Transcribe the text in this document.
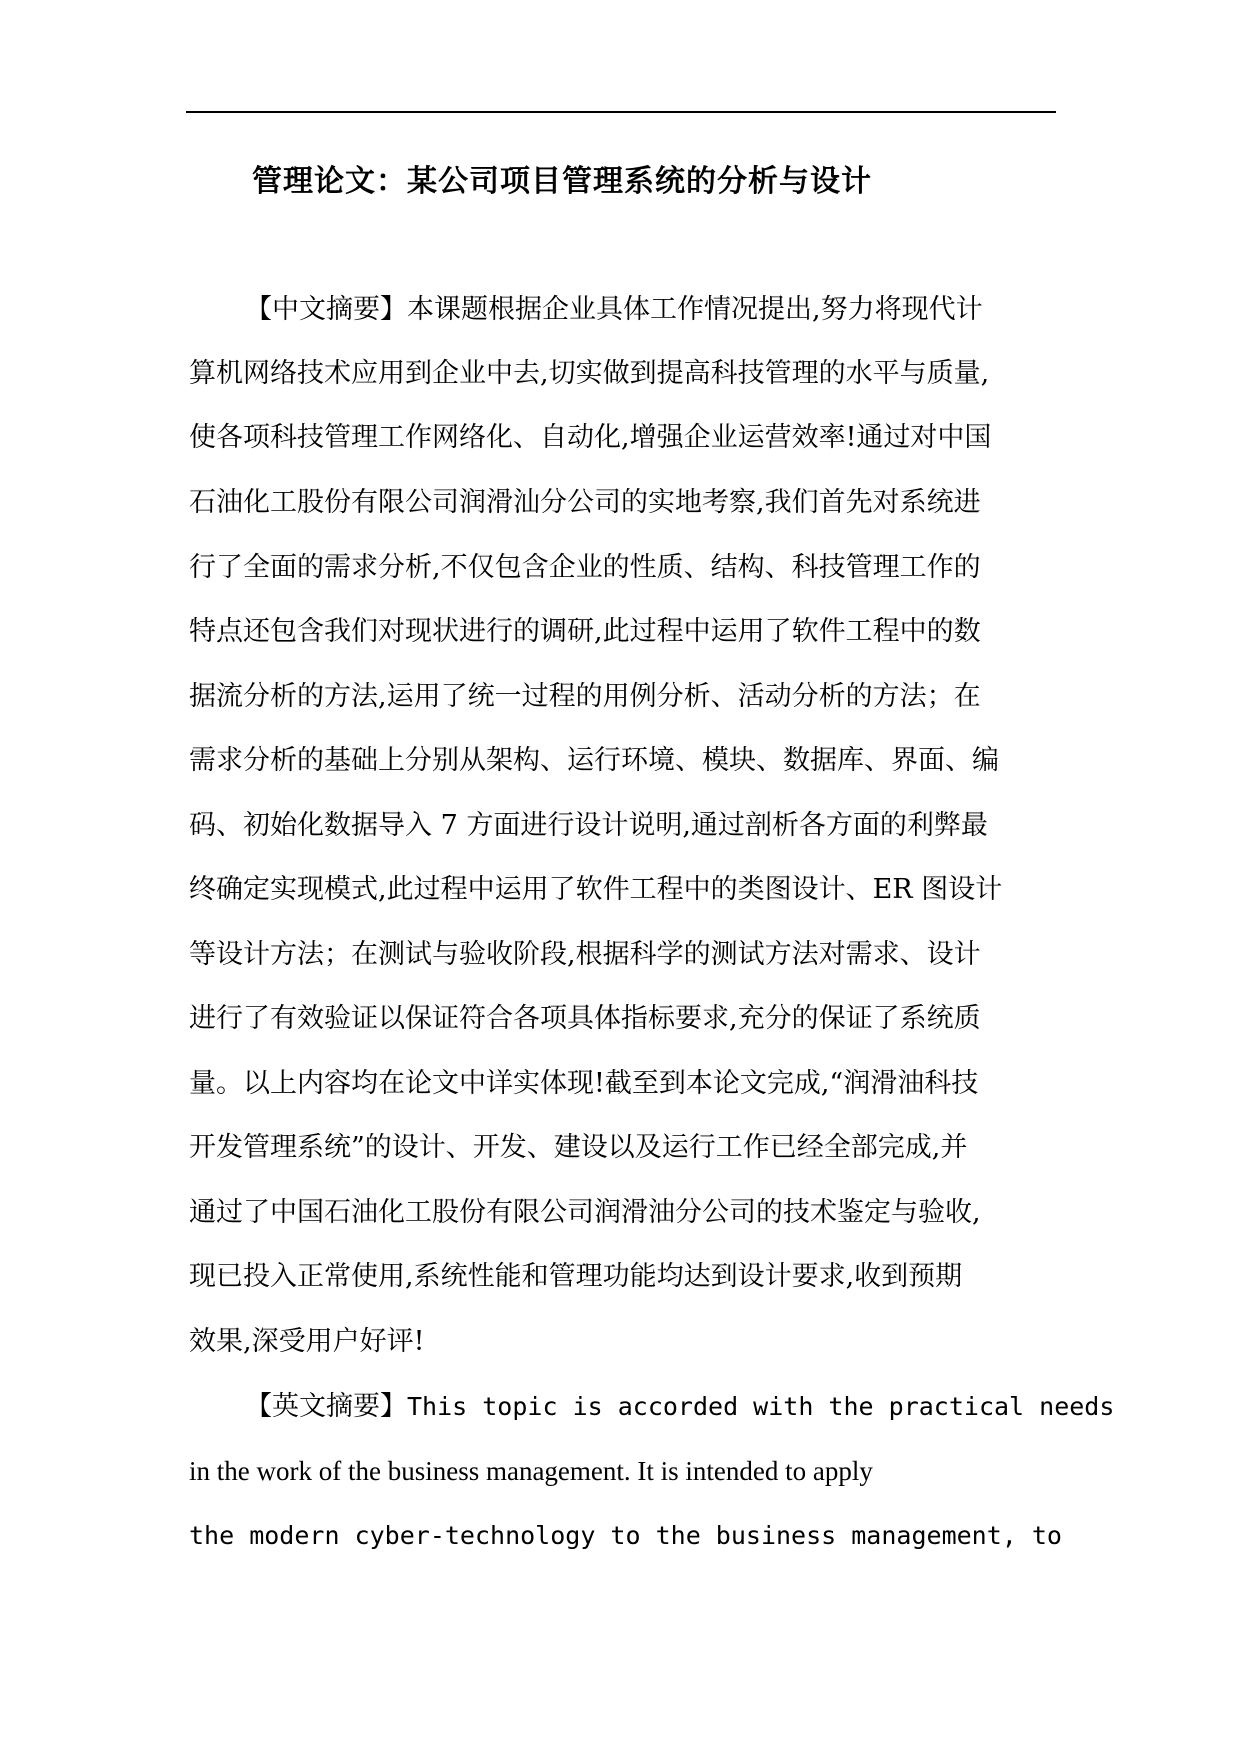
管理论文：某公司项目管理系统的分析与设计

【中文摘要】本课题根据企业具体工作情况提出,努力将现代计

算机网络技术应用到企业中去,切实做到提高科技管理的水平与质量,

使各项科技管理工作网络化、自动化,增强企业运营效率!通过对中国

石油化工股份有限公司润滑汕分公司的实地考察,我们首先对系统进

行了全面的需求分析,不仅包含企业的性质、结构、科技管理工作的

特点还包含我们对现状进行的调研,此过程中运用了软件工程中的数

据流分析的方法,运用了统一过程的用例分析、活动分析的方法；在

需求分析的基础上分别从架构、运行环境、模块、数据库、界面、编

码、初始化数据导入 7 方面进行设计说明,通过剖析各方面的利弊最

终确定实现模式,此过程中运用了软件工程中的类图设计、ER 图设计

等设计方法；在测试与验收阶段,根据科学的测试方法对需求、设计

进行了有效验证以保证符合各项具体指标要求,充分的保证了系统质

量。以上内容均在论文中详实体现!截至到本论文完成,“润滑油科技

开发管理系统”的设计、开发、建设以及运行工作已经全部完成,并

通过了中国石油化工股份有限公司润滑油分公司的技术鉴定与验收,

现已投入正常使用,系统性能和管理功能均达到设计要求,收到预期

效果,深受用户好评!

【英文摘要】This topic is accorded with the practical needs

in the work of the business management. It is intended to apply

the modern cyber-technology to the business management, to
